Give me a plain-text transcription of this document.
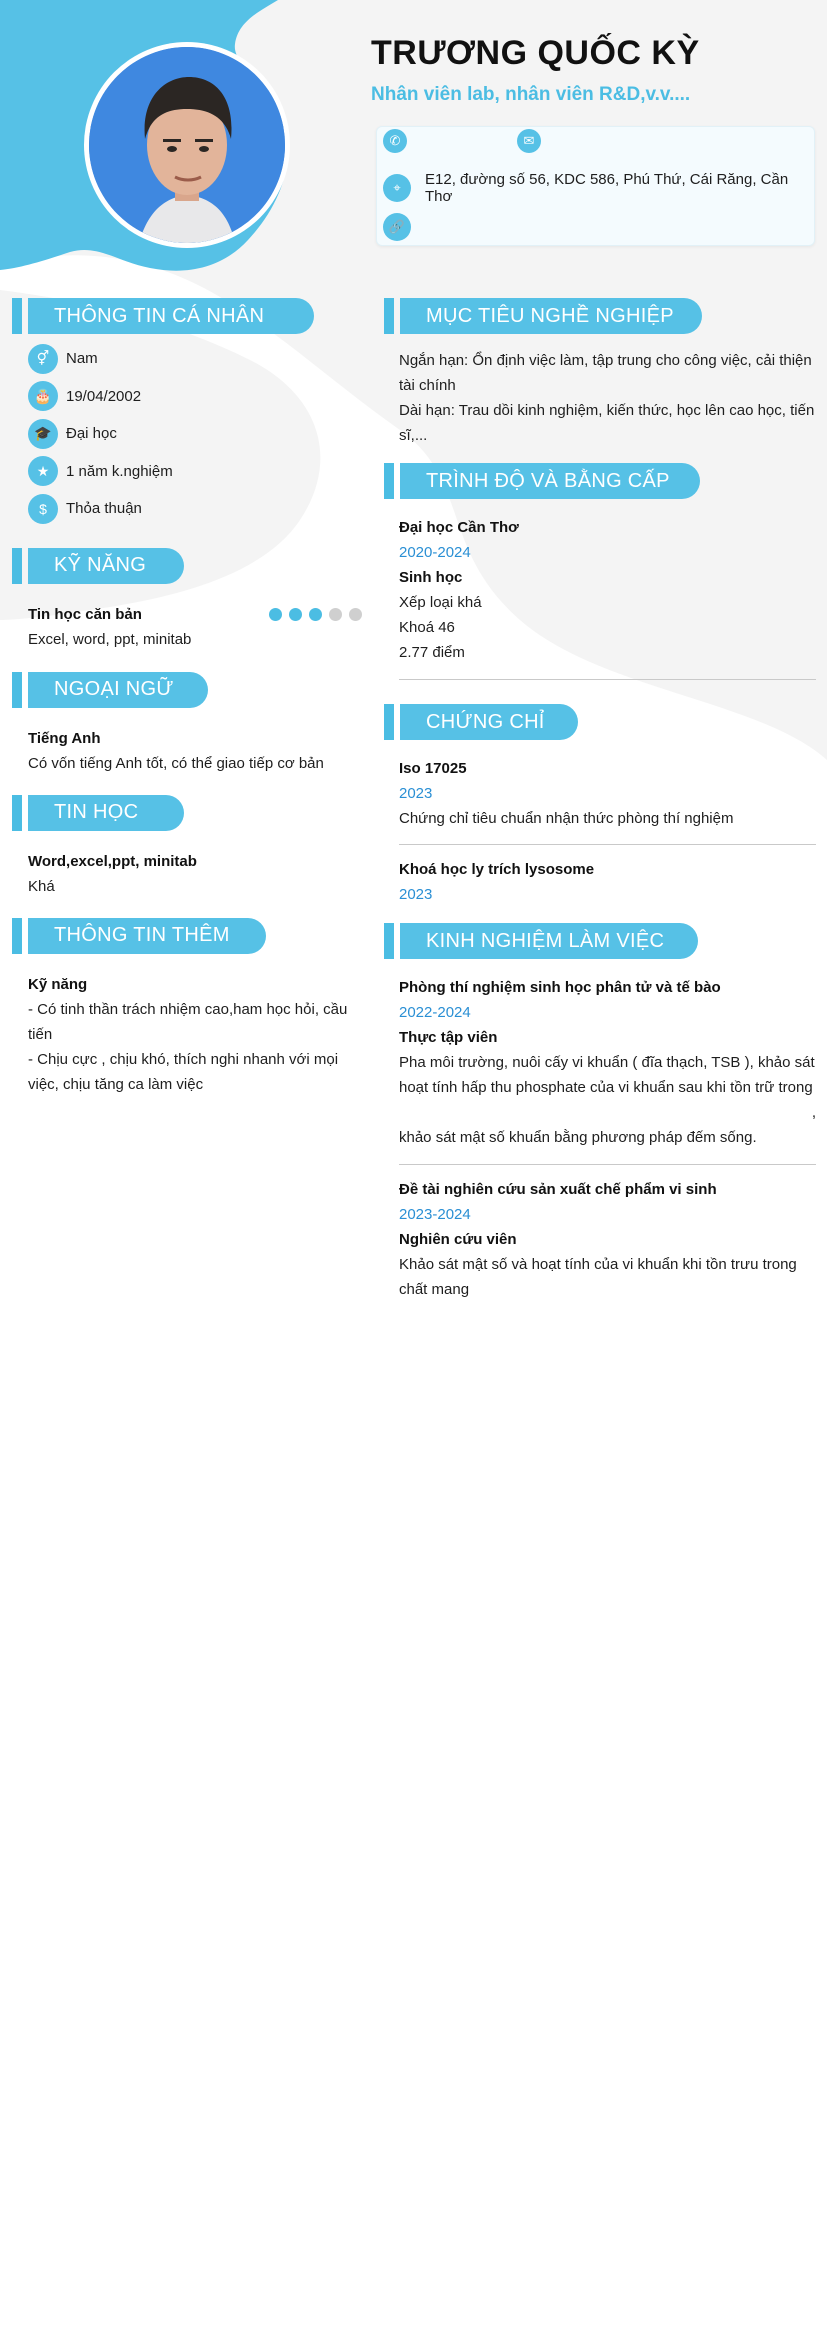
TRƯƠNG QUỐC KỲ
Nhân viên lab, nhân viên R&D,v.v....
✆	✉
⌖	E12, đường số 56, KDC 586, Phú Thứ, Cái Răng, Cần Thơ
🔗
THÔNG TIN CÁ NHÂN
⚥	Nam
🎂 19/04/2002
🎓 Đại học
★	1 năm k.nghiệm
$	Thỏa thuận
KỸ NĂNG
Tin học căn bản
Excel, word, ppt, minitab
NGOẠI NGỮ
Tiếng Anh
Có vốn tiếng Anh tốt, có thể giao tiếp cơ bản
TIN HỌC
Word,excel,ppt, minitab
Khá
THÔNG TIN THÊM
Kỹ năng
- Có tinh thần trách nhiệm cao,ham học hỏi, cầu tiến
- Chịu cực , chịu khó, thích nghi nhanh với mọi việc, chịu tăng ca làm việc
MỤC TIÊU NGHỀ NGHIỆP
Ngắn hạn: Ổn định việc làm, tập trung cho công việc, cải thiện tài chính
Dài hạn: Trau dồi kinh nghiệm, kiến thức, học lên cao học, tiến sĩ,...
TRÌNH ĐỘ VÀ BẰNG CẤP
Đại học Cần Thơ
2020-2024
Sinh học
Xếp loại khá
Khoá 46
2.77 điểm
CHỨNG CHỈ
Iso 17025
2023
Chứng chỉ tiêu chuẩn nhận thức phòng thí nghiệm
Khoá học ly trích lysosome
2023
KINH NGHIỆM LÀM VIỆC
Phòng thí nghiệm sinh học phân tử và tế bào
2022-2024
Thực tập viên
Pha môi trường, nuôi cấy vi khuẩn ( đĩa thạch, TSB ), khảo sát hoạt tính hấp thu phosphate của vi khuẩn sau khi tồn trữ trong
,
khảo sát mật số khuẩn bằng phương pháp đếm sống.
Đề tài nghiên cứu sản xuất chế phẩm vi sinh
2023-2024
Nghiên cứu viên
Khảo sát mật số và hoạt tính của vi khuẩn khi tồn trưu trong chất mang
